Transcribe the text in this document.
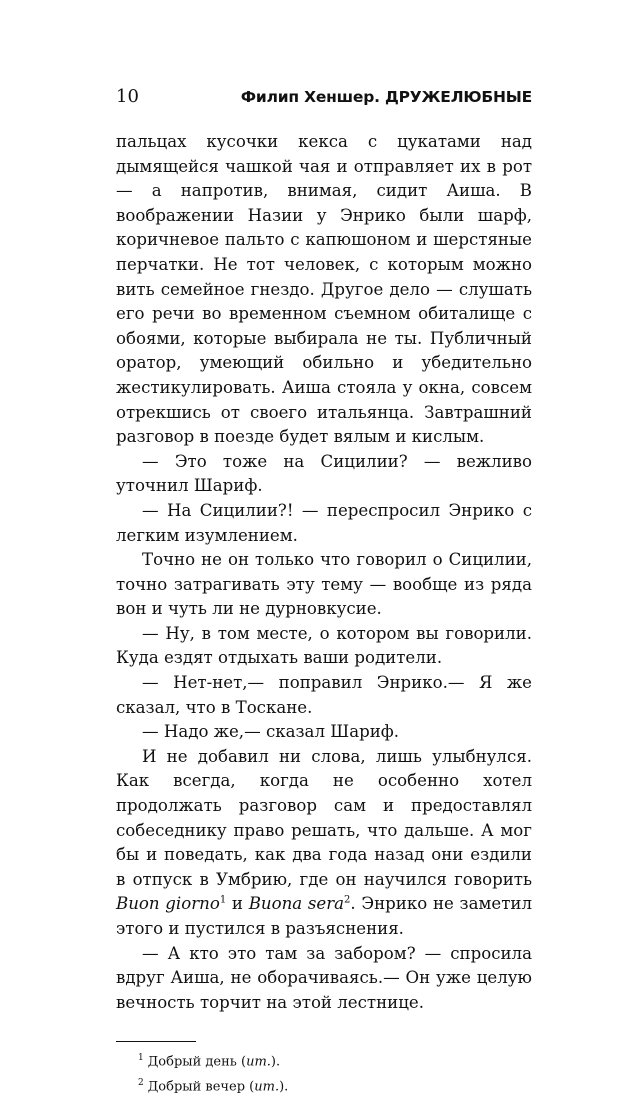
10	Филип Хеншер. ДРУЖЕЛЮБНЫЕ

пальцах кусочки кекса с цукатами над дымящейся чашкой чая и отправляет их в рот — а напротив, внимая, сидит Аиша. В воображении Назии у Энрико были шарф, коричневое пальто с капюшоном и шерстяные перчатки. Не тот человек, с которым можно вить семейное гнездо. Другое дело — слушать его речи во временном съемном обиталище с обоями, которые выбирала не ты. Публичный оратор, умеющий обильно и убедительно жестикулировать. Аиша стояла у окна, совсем отрекшись от своего итальянца. Завтрашний разговор в поезде будет вялым и кислым.

— Это тоже на Сицилии? — вежливо уточнил Шариф.

— На Сицилии?! — переспросил Энрико с легким изумлением.

Точно не он только что говорил о Сицилии, точно затрагивать эту тему — вообще из ряда вон и чуть ли не дурновкусие.

— Ну, в том месте, о котором вы говорили. Куда ездят отдыхать ваши родители.

— Нет-нет,— поправил Энрико.— Я же сказал, что в Тоскане.

— Надо же,— сказал Шариф.

И не добавил ни слова, лишь улыбнулся. Как всегда, когда не особенно хотел продолжать разговор сам и предоставлял собеседнику право решать, что дальше. А мог бы и поведать, как два года назад они ездили в отпуск в Умбрию, где он научился говорить Buon giorno$^1$ и Buona sera$^2$. Энрико не заметил этого и пустился в разъяснения.

— А кто это там за забором? — спросила вдруг Аиша, не оборачиваясь.— Он уже целую вечность торчит на этой лестнице.

$^1$ Добрый день (ит.).
$^2$ Добрый вечер (ит.).
